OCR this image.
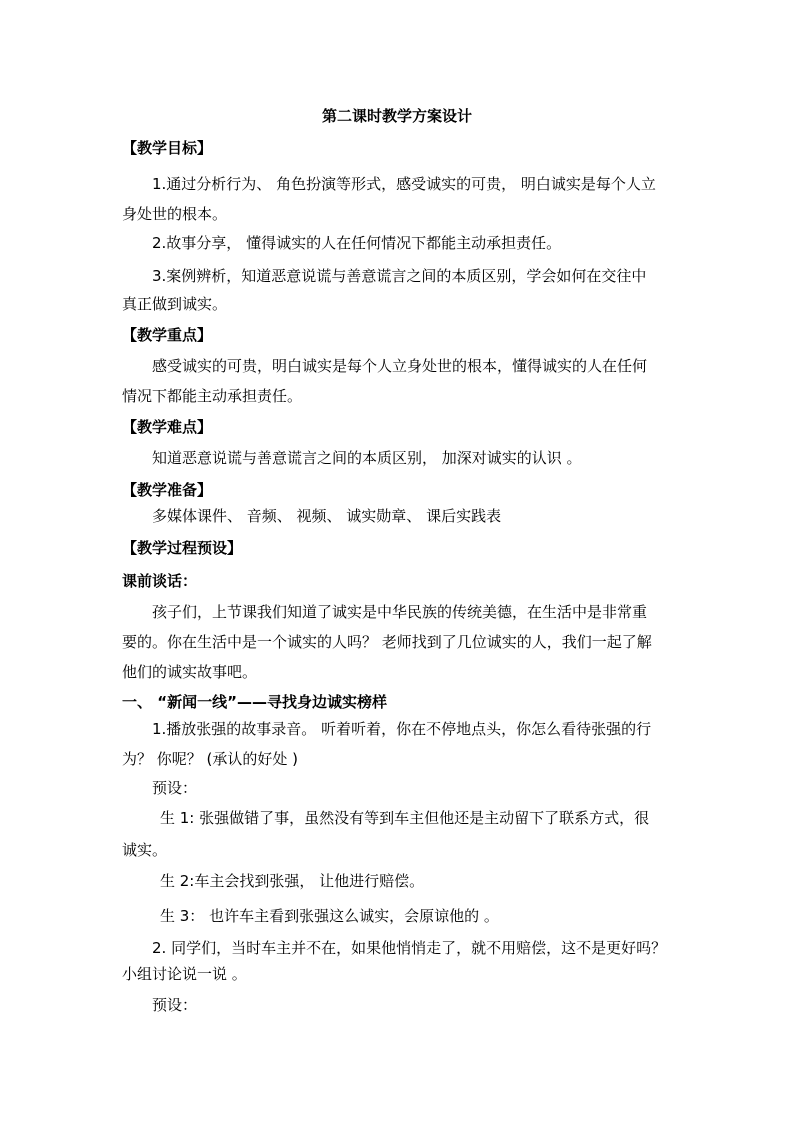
第二课时教学方案设计
【教学目标】
1.通过分析行为、 角色扮演等形式，感受诚实的可贵， 明白诚实是每个人立
身处世的根本。
2.故事分享， 懂得诚实的人在任何情况下都能主动承担责任。
3.案例辨析，知道恶意说谎与善意谎言之间的本质区别，学会如何在交往中
真正做到诚实。
【教学重点】
感受诚实的可贵，明白诚实是每个人立身处世的根本，懂得诚实的人在任何
情况下都能主动承担责任。
【教学难点】
知道恶意说谎与善意谎言之间的本质区别， 加深对诚实的认识 。
【教学准备】
多媒体课件、 音频、 视频、 诚实勋章、 课后实践表
【教学过程预设】
课前谈话：
孩子们，上节课我们知道了诚实是中华民族的传统美德，在生活中是非常重
要的。你在生活中是一个诚实的人吗？ 老师找到了几位诚实的人，我们一起了解
他们的诚实故事吧。
一、 “新闻一线”——寻找身边诚实榜样
1.播放张强的故事录音。 听着听着，你在不停地点头，你怎么看待张强的行
为？ 你呢？ (承认的好处 )
预设：
生 1: 张强做错了事，虽然没有等到车主但他还是主动留下了联系方式，很
诚实。
生 2:车主会找到张强， 让他进行赔偿。
生 3： 也许车主看到张强这么诚实，会原谅他的 。
2. 同学们，当时车主并不在，如果他悄悄走了，就不用赔偿，这不是更好吗？
小组讨论说一说 。
预设：
